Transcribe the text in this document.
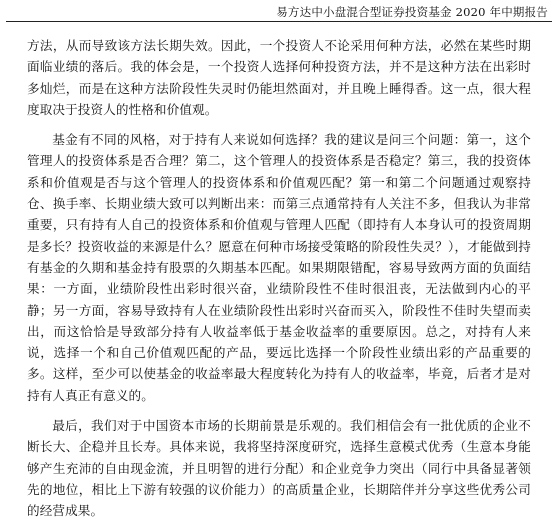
易方达中小盘混合型证券投资基金 2020 年中期报告

方法，从而导致该方法长期失效。因此，一个投资人不论采用何种方法，必然在某些时期面临业绩的落后。我的体会是，一个投资人选择何种投资方法，并不是这种方法在出彩时多灿烂，而是在这种方法阶段性失灵时仍能坦然面对，并且晚上睡得香。这一点，很大程度取决于投资人的性格和价值观。

基金有不同的风格，对于持有人来说如何选择？我的建议是问三个问题：第一，这个管理人的投资体系是否合理？第二，这个管理人的投资体系是否稳定？第三，我的投资体系和价值观是否与这个管理人的投资体系和价值观匹配？第一和第二个问题通过观察持仓、换手率、长期业绩大致可以判断出来：而第三点通常持有人关注不多，但我认为非常重要，只有持有人自己的投资体系和价值观与管理人匹配（即持有人本身认可的投资周期是多长？投资收益的来源是什么？愿意在何种市场接受策略的阶段性失灵？），才能做到持有基金的久期和基金持有股票的久期基本匹配。如果期限错配，容易导致两方面的负面结果：一方面，业绩阶段性出彩时很兴奋，业绩阶段性不佳时很沮丧，无法做到内心的平静；另一方面，容易导致持有人在业绩阶段性出彩时兴奋而买入，阶段性不佳时失望而卖出，而这恰恰是导致部分持有人收益率低于基金收益率的重要原因。总之，对持有人来说，选择一个和自己价值观匹配的产品，要远比选择一个阶段性业绩出彩的产品重要的多。这样，至少可以使基金的收益率最大程度转化为持有人的收益率，毕竟，后者才是对持有人真正有意义的。

最后，我们对于中国资本市场的长期前景是乐观的。我们相信会有一批优质的企业不断长大、企稳并且长寿。具体来说，我将坚持深度研究，选择生意模式优秀（生意本身能够产生充沛的自由现金流，并且明智的进行分配）和企业竞争力突出（同行中具备显著领先的地位，相比上下游有较强的议价能力）的高质量企业，长期陪伴并分享这些优秀公司的经营成果。
